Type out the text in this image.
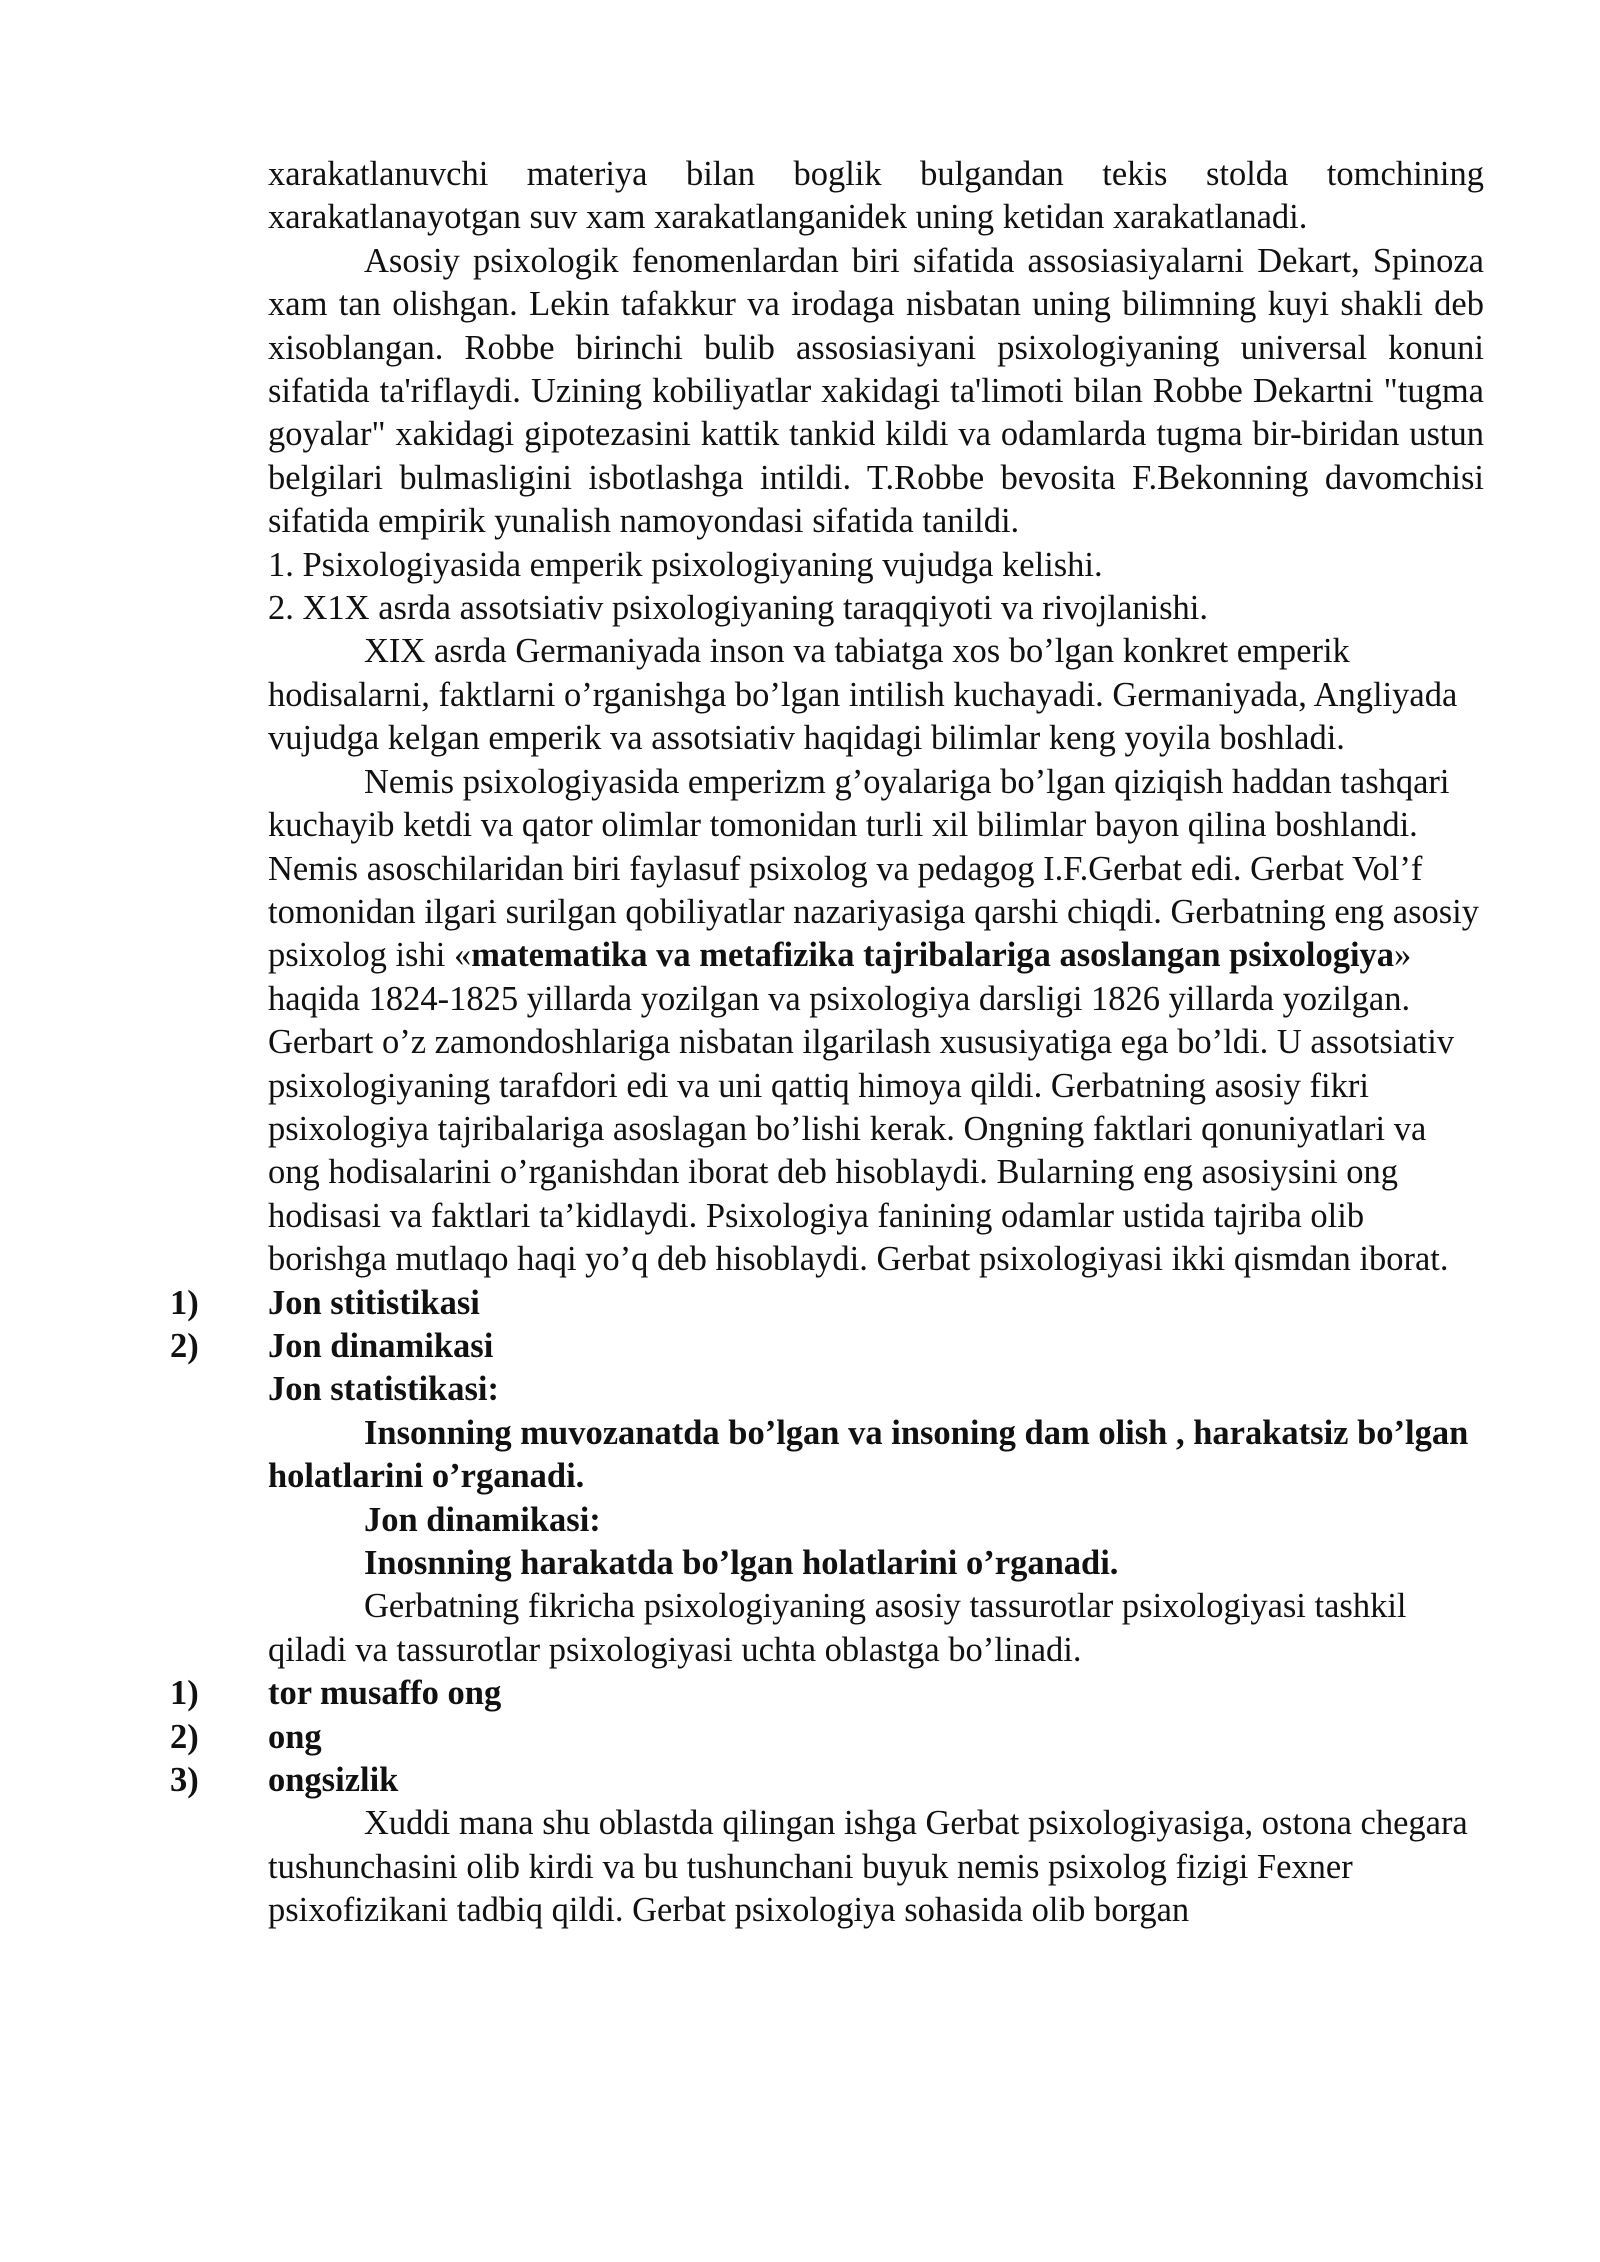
xarakatlanuvchi materiya bilan boglik bulgandan tekis stolda tomchining xarakatlanayotgan suv xam xarakatlanganidek uning ketidan xarakatlanadi.

Asosiy psixologik fenomenlardan biri sifatida assosiasiyalarni Dekart, Spinoza xam tan olishgan. Lekin tafakkur va irodaga nisbatan uning bilimning kuyi shakli deb xisoblangan. Robbe birinchi bulib assosiasiyani psixologiyaning universal konuni sifatida ta'riflaydi. Uzining kobiliyatlar xakidagi ta'limoti bilan Robbe Dekartni "tugma goyalar" xakidagi gipotezasini kattik tankid kildi va odamlarda tugma bir-biridan ustun belgilari bulmasligini isbotlashga intildi. T.Robbe bevosita F.Bekonning davomchisi sifatida empirik yunalish namoyondasi sifatida tanildi.

1. Psixologiyasida emperik psixologiyaning vujudga kelishi.

2. X1X asrda assotsiativ psixologiyaning taraqqiyoti va rivojlanishi.

XIX asrda Germaniyada inson va tabiatga xos bo’lgan konkret emperik hodisalarni, faktlarni o’rganishga bo’lgan intilish kuchayadi. Germaniyada, Angliyada vujudga kelgan emperik va assotsiativ haqidagi bilimlar keng yoyila boshladi.

Nemis psixologiyasida emperizm g’oyalariga bo’lgan qiziqish haddan tashqari kuchayib ketdi va qator olimlar tomonidan turli xil bilimlar bayon qilina boshlandi. Nemis asoschilaridan biri faylasuf psixolog va pedagog I.F.Gerbat edi. Gerbat Vol’f tomonidan ilgari surilgan qobiliyatlar nazariyasiga qarshi chiqdi. Gerbatning eng asosiy psixolog ishi «matematika va metafizika tajribalariga asoslangan psixologiya» haqida 1824-1825 yillarda yozilgan va psixologiya darsligi 1826 yillarda yozilgan. Gerbart o’z zamondoshlariga nisbatan ilgarilash xususiyatiga ega bo’ldi. U assotsiativ psixologiyaning tarafdori edi va uni qattiq himoya qildi. Gerbatning asosiy fikri psixologiya tajribalariga asoslagan bo’lishi kerak. Ongning faktlari qonuniyatlari va ong hodisalarini o’rganishdan iborat deb hisoblaydi. Bularning eng asosiysini ong hodisasi va faktlari ta’kidlaydi. Psixologiya fanining odamlar ustida tajriba olib borishga mutlaqo haqi yo’q deb hisoblaydi. Gerbat psixologiyasi ikki qismdan iborat.

1) Jon stitistikasi

2) Jon dinamikasi

Jon statistikasi:

Insonning muvozanatda bo’lgan va insoning dam olish , harakatsiz bo’lgan holatlarini o’rganadi.

Jon dinamikasi:

Inosnning harakatda bo’lgan holatlarini o’rganadi.

Gerbatning fikricha psixologiyaning asosiy tassurotlar psixologiyasi tashkil qiladi va tassurotlar psixologiyasi uchta oblastga bo’linadi.

1) tor musaffo ong

2) ong

3) ongsizlik

Xuddi mana shu oblastda qilingan ishga Gerbat psixologiyasiga, ostona chegara tushunchasini olib kirdi va bu tushunchani buyuk nemis psixolog fizigi Fexner psixofizikani tadbiq qildi. Gerbat psixologiya sohasida olib borgan
